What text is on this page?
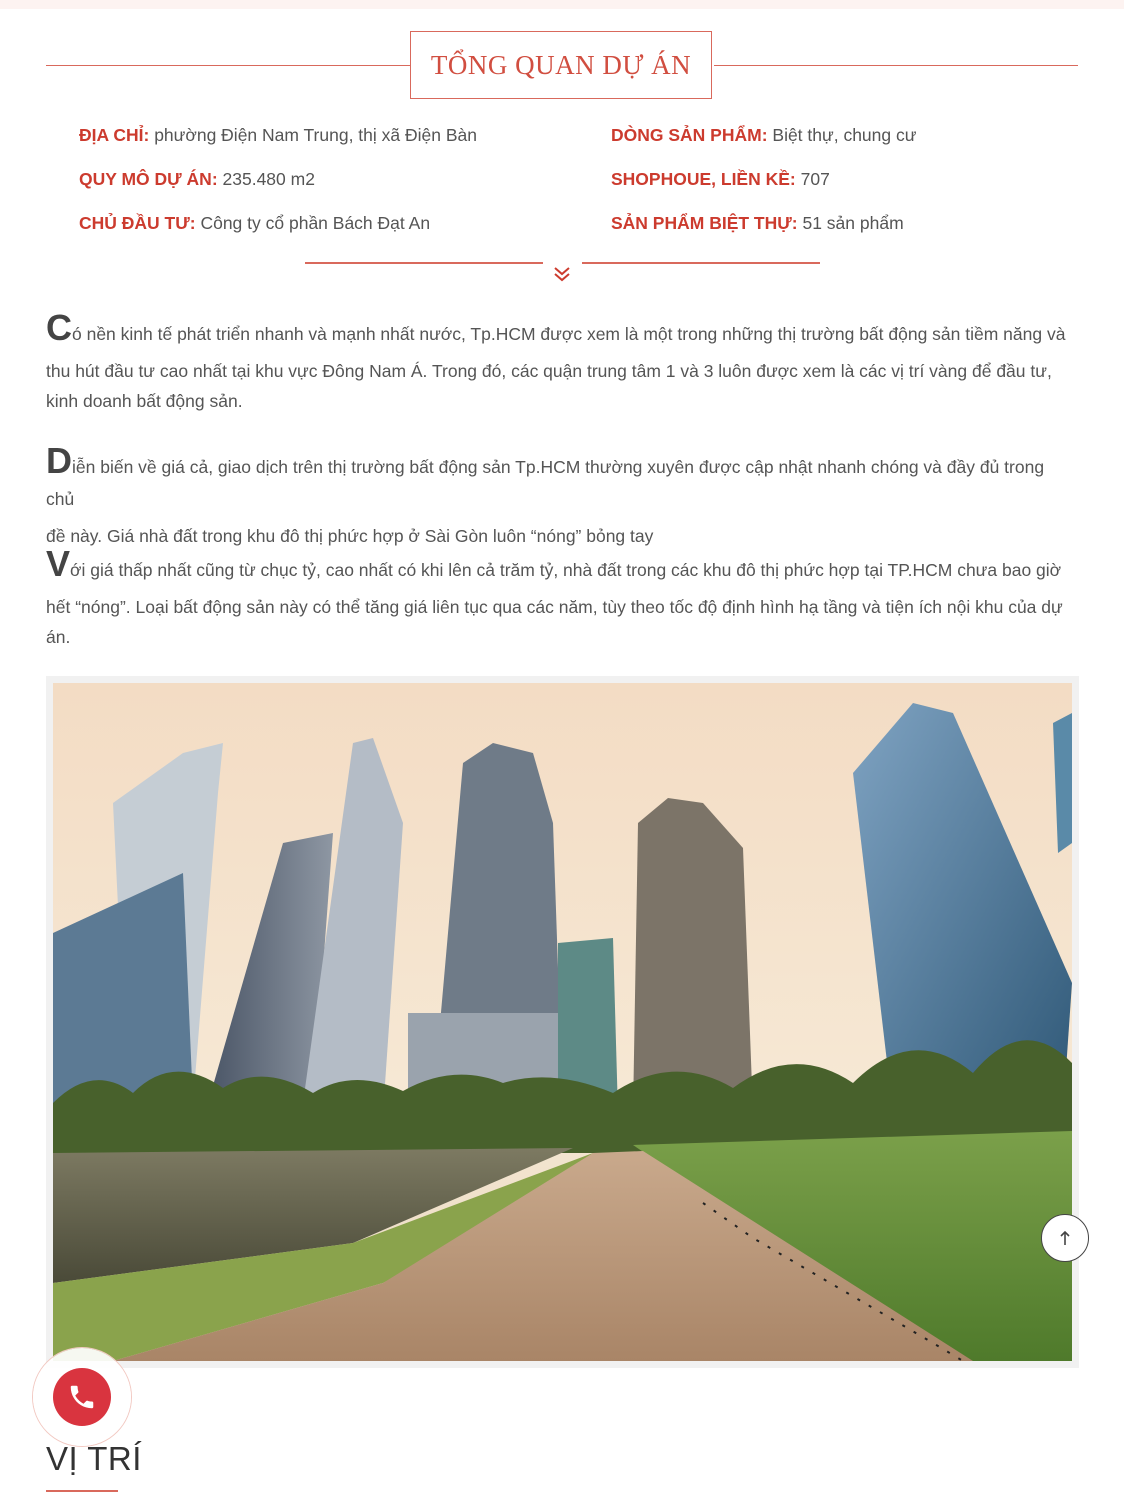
TỔNG QUAN DỰ ÁN
ĐỊA CHỈ: phường Điện Nam Trung, thị xã Điện Bàn	DÒNG SẢN PHẨM: Biệt thự, chung cư
QUY MÔ DỰ ÁN: 235.480 m2	SHOPHOUE, LIỀN KỀ: 707
CHỦ ĐẦU TƯ: Công ty cổ phần Bách Đạt An	SẢN PHẨM BIỆT THỰ: 51 sản phẩm
Có nền kinh tế phát triển nhanh và mạnh nhất nước, Tp.HCM được xem là một trong những thị trường bất động sản tiềm năng và
thu hút đầu tư cao nhất tại khu vực Đông Nam Á. Trong đó, các quận trung tâm 1 và 3 luôn được xem là các vị trí vàng để đầu tư,
kinh doanh bất động sản.
Diễn biến về giá cả, giao dịch trên thị trường bất động sản Tp.HCM thường xuyên được cập nhật nhanh chóng và đầy đủ trong chủ
đề này. Giá nhà đất trong khu đô thị phức hợp ở Sài Gòn luôn “nóng” bỏng tay
Với giá thấp nhất cũng từ chục tỷ, cao nhất có khi lên cả trăm tỷ, nhà đất trong các khu đô thị phức hợp tại TP.HCM chưa bao giờ
hết “nóng”. Loại bất động sản này có thể tăng giá liên tục qua các năm, tùy theo tốc độ định hình hạ tầng và tiện ích nội khu của dự
án.
VỊ TRÍ
